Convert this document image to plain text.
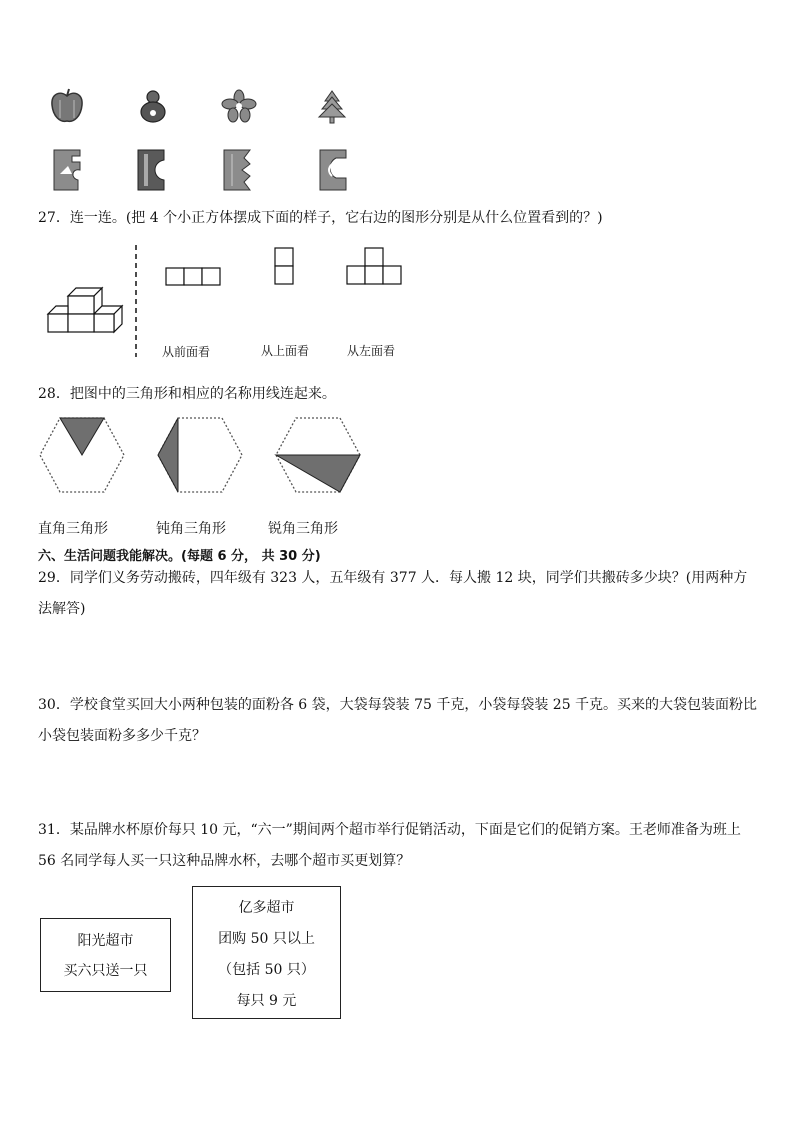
27．连一连。(把 4 个小正方体摆成下面的样子，它右边的图形分别是从什么位置看到的？)
从前面看	从上面看	从左面看
28．把图中的三角形和相应的名称用线连起来。
直角三角形	钝角三角形	锐角三角形
六、生活问题我能解决。(每题 6 分， 共 30 分)
29．同学们义务劳动搬砖，四年级有 323 人，五年级有 377 人．每人搬 12 块，同学们共搬砖多少块？(用两种方法解答)
30．学校食堂买回大小两种包装的面粉各 6 袋，大袋每袋装 75 千克，小袋每袋装 25 千克。买来的大袋包装面粉比小袋包装面粉多多少千克？
31．某品牌水杯原价每只 10 元，“六一”期间两个超市举行促销活动，下面是它们的促销方案。王老师准备为班上 56 名同学每人买一只这种品牌水杯，去哪个超市买更划算？
阳光超市
买六只送一只
亿多超市
团购 50 只以上
（包括 50 只）
每只 9 元
